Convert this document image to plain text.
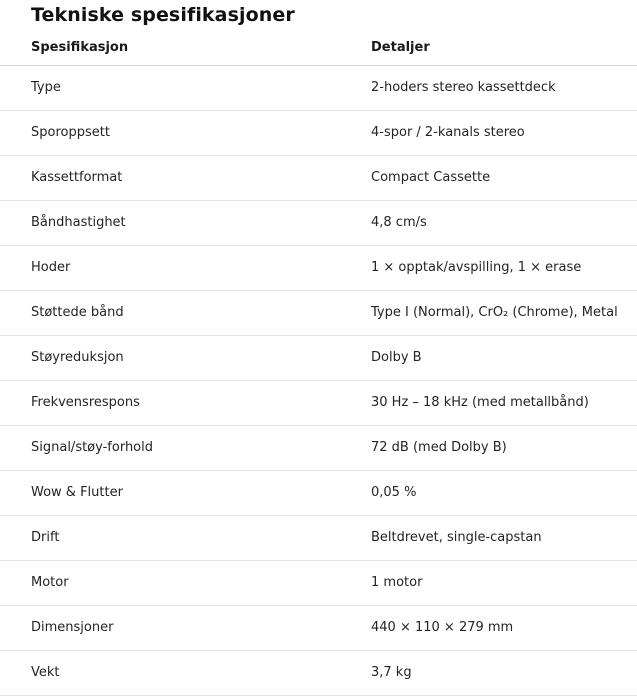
Tekniske spesifikasjoner
Spesifikasjon	Detaljer
Type	2-hoders stereo kassettdeck
Sporoppsett	4-spor / 2-kanals stereo
Kassettformat	Compact Cassette
Båndhastighet	4,8 cm/s
Hoder	1 × opptak/avspilling, 1 × erase
Støttede bånd	Type I (Normal), CrO₂ (Chrome), Metal
Støyreduksjon	Dolby B
Frekvensrespons	30 Hz – 18 kHz (med metallbånd)
Signal/støy-forhold	72 dB (med Dolby B)
Wow & Flutter	0,05 %
Drift	Beltdrevet, single-capstan
Motor	1 motor
Dimensjoner	440 × 110 × 279 mm
Vekt	3,7 kg
